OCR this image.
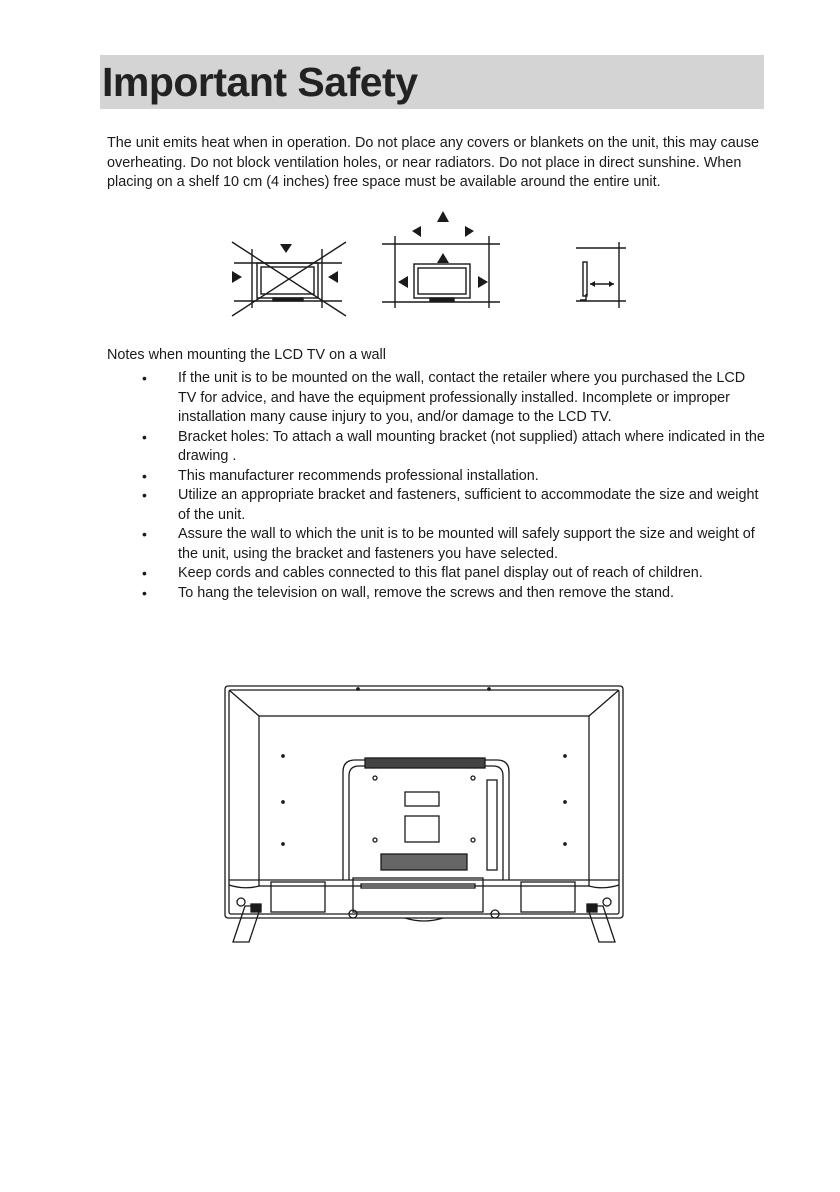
Important Safety

The unit emits heat when in operation. Do not place any covers or blankets on the unit, this may cause overheating. Do not block ventilation holes, or near radiators. Do not place in direct sunshine. When placing on a shelf 10 cm (4 inches) free space must be available around the entire unit.

Notes when mounting the LCD TV on a wall

• If the unit is to be mounted on the wall, contact the retailer where you purchased the LCD TV for advice, and have the equipment professionally installed. Incomplete or improper installation many cause injury to you, and/or damage to the LCD TV.
• Bracket holes: To attach a wall mounting bracket (not supplied) attach where indicated in the drawing .
• This manufacturer recommends professional installation.
• Utilize an appropriate bracket and fasteners, sufficient to accommodate the size and weight of the unit.
• Assure the wall to which the unit is to be mounted will safely support the size and weight of the unit, using the bracket and fasteners you have selected.
• Keep cords and cables connected to this flat panel display out of reach of children.
• To hang the television on wall, remove the screws and then remove the stand.
